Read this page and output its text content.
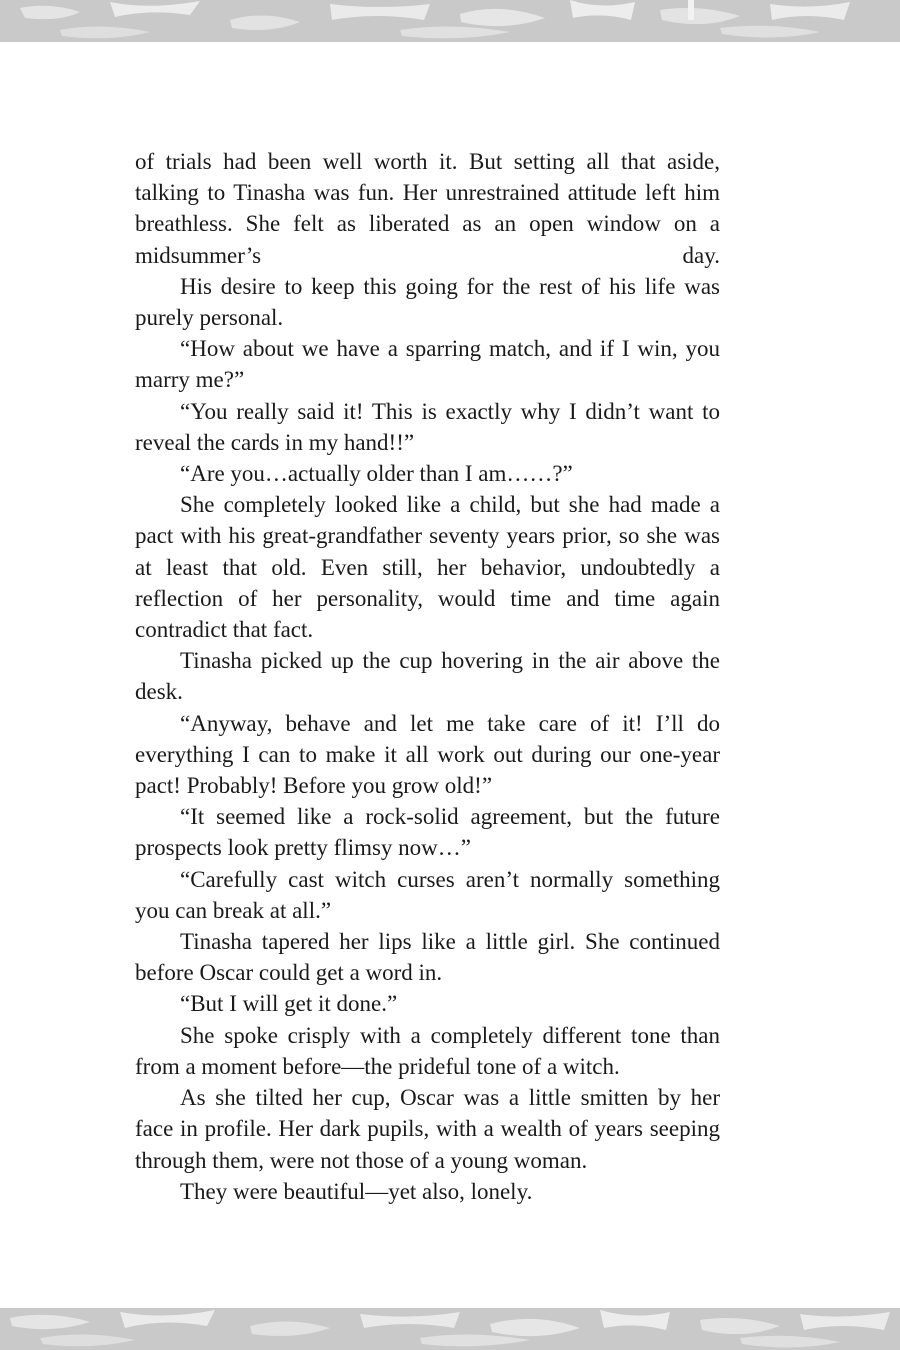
of trials had been well worth it. But setting all that aside, talking to Tinasha was fun. Her unrestrained attitude left him breathless. She felt as liberated as an open window on a midsummer’s day.

His desire to keep this going for the rest of his life was purely personal.

“How about we have a sparring match, and if I win, you marry me?”

“You really said it! This is exactly why I didn’t want to reveal the cards in my hand!!”

“Are you…actually older than I am……?”

She completely looked like a child, but she had made a pact with his great-grandfather seventy years prior, so she was at least that old. Even still, her behavior, undoubtedly a reflection of her personality, would time and time again contradict that fact.

Tinasha picked up the cup hovering in the air above the desk.

“Anyway, behave and let me take care of it! I’ll do everything I can to make it all work out during our one-year pact! Probably! Before you grow old!”

“It seemed like a rock-solid agreement, but the future prospects look pretty flimsy now…”

“Carefully cast witch curses aren’t normally something you can break at all.”

Tinasha tapered her lips like a little girl. She continued before Oscar could get a word in.

“But I will get it done.”

She spoke crisply with a completely different tone than from a moment before—the prideful tone of a witch.

As she tilted her cup, Oscar was a little smitten by her face in profile. Her dark pupils, with a wealth of years seeping through them, were not those of a young woman.

They were beautiful—yet also, lonely.
